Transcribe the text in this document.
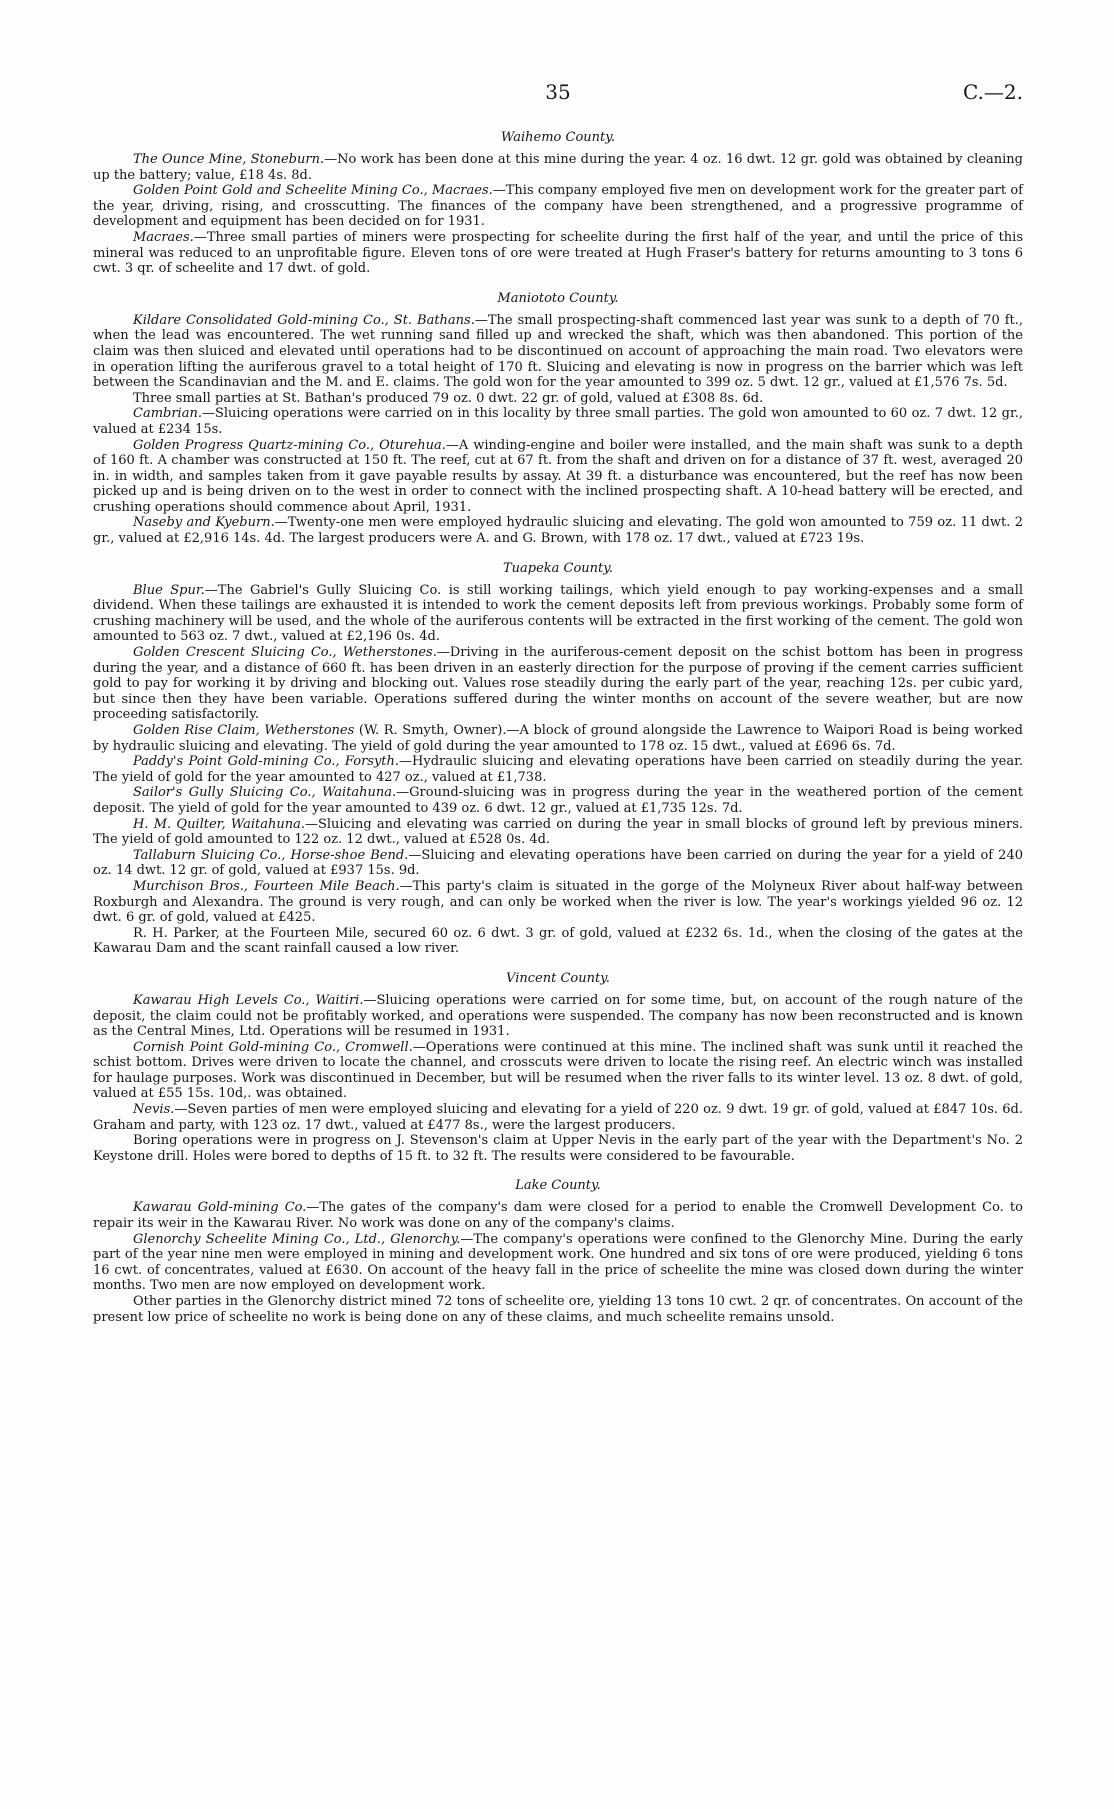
35	C.—2.
Waihemo County.

The Ounce Mine, Stoneburn.—No work has been done at this mine during the year. 4 oz. 16 dwt. 12 gr. gold was obtained by cleaning up the battery; value, £18 4s. 8d.

Golden Point Gold and Scheelite Mining Co., Macraes.—This company employed five men on development work for the greater part of the year, driving, rising, and crosscutting. The finances of the company have been strengthened, and a progressive programme of development and equipment has been decided on for 1931.

Macraes.—Three small parties of miners were prospecting for scheelite during the first half of the year, and until the price of this mineral was reduced to an unprofitable figure. Eleven tons of ore were treated at Hugh Fraser's battery for returns amounting to 3 tons 6 cwt. 3 qr. of scheelite and 17 dwt. of gold.

Maniototo County.

Kildare Consolidated Gold-mining Co., St. Bathans.—The small prospecting-shaft commenced last year was sunk to a depth of 70 ft., when the lead was encountered. The wet running sand filled up and wrecked the shaft, which was then abandoned. This portion of the claim was then sluiced and elevated until operations had to be discontinued on account of approaching the main road. Two elevators were in operation lifting the auriferous gravel to a total height of 170 ft. Sluicing and elevating is now in progress on the barrier which was left between the Scandinavian and the M. and E. claims. The gold won for the year amounted to 399 oz. 5 dwt. 12 gr., valued at £1,576 7s. 5d.

Three small parties at St. Bathan's produced 79 oz. 0 dwt. 22 gr. of gold, valued at £308 8s. 6d.

Cambrian.—Sluicing operations were carried on in this locality by three small parties. The gold won amounted to 60 oz. 7 dwt. 12 gr., valued at £234 15s.

Golden Progress Quartz-mining Co., Oturehua.—A winding-engine and boiler were installed, and the main shaft was sunk to a depth of 160 ft. A chamber was constructed at 150 ft. The reef, cut at 67 ft. from the shaft and driven on for a distance of 37 ft. west, averaged 20 in. in width, and samples taken from it gave payable results by assay. At 39 ft. a disturbance was encountered, but the reef has now been picked up and is being driven on to the west in order to connect with the inclined prospecting shaft. A 10-head battery will be erected, and crushing operations should commence about April, 1931.

Naseby and Kyeburn.—Twenty-one men were employed hydraulic sluicing and elevating. The gold won amounted to 759 oz. 11 dwt. 2 gr., valued at £2,916 14s. 4d. The largest producers were A. and G. Brown, with 178 oz. 17 dwt., valued at £723 19s.

Tuapeka County.

Blue Spur.—The Gabriel's Gully Sluicing Co. is still working tailings, which yield enough to pay working-expenses and a small dividend. When these tailings are exhausted it is intended to work the cement deposits left from previous workings. Probably some form of crushing machinery will be used, and the whole of the auriferous contents will be extracted in the first working of the cement. The gold won amounted to 563 oz. 7 dwt., valued at £2,196 0s. 4d.

Golden Crescent Sluicing Co., Wetherstones.—Driving in the auriferous-cement deposit on the schist bottom has been in progress during the year, and a distance of 660 ft. has been driven in an easterly direction for the purpose of proving if the cement carries sufficient gold to pay for working it by driving and blocking out. Values rose steadily during the early part of the year, reaching 12s. per cubic yard, but since then they have been variable. Operations suffered during the winter months on account of the severe weather, but are now proceeding satisfactorily.

Golden Rise Claim, Wetherstones (W. R. Smyth, Owner).—A block of ground alongside the Lawrence to Waipori Road is being worked by hydraulic sluicing and elevating. The yield of gold during the year amounted to 178 oz. 15 dwt., valued at £696 6s. 7d.

Paddy's Point Gold-mining Co., Forsyth.—Hydraulic sluicing and elevating operations have been carried on steadily during the year. The yield of gold for the year amounted to 427 oz., valued at £1,738.

Sailor's Gully Sluicing Co., Waitahuna.—Ground-sluicing was in progress during the year in the weathered portion of the cement deposit. The yield of gold for the year amounted to 439 oz. 6 dwt. 12 gr., valued at £1,735 12s. 7d.

H. M. Quilter, Waitahuna.—Sluicing and elevating was carried on during the year in small blocks of ground left by previous miners. The yield of gold amounted to 122 oz. 12 dwt., valued at £528 0s. 4d.

Tallaburn Sluicing Co., Horse-shoe Bend.—Sluicing and elevating operations have been carried on during the year for a yield of 240 oz. 14 dwt. 12 gr. of gold, valued at £937 15s. 9d.

Murchison Bros., Fourteen Mile Beach.—This party's claim is situated in the gorge of the Molyneux River about half-way between Roxburgh and Alexandra. The ground is very rough, and can only be worked when the river is low. The year's workings yielded 96 oz. 12 dwt. 6 gr. of gold, valued at £425.

R. H. Parker, at the Fourteen Mile, secured 60 oz. 6 dwt. 3 gr. of gold, valued at £232 6s. 1d., when the closing of the gates at the Kawarau Dam and the scant rainfall caused a low river.

Vincent County.

Kawarau High Levels Co., Waitiri.—Sluicing operations were carried on for some time, but, on account of the rough nature of the deposit, the claim could not be profitably worked, and operations were suspended. The company has now been reconstructed and is known as the Central Mines, Ltd. Operations will be resumed in 1931.

Cornish Point Gold-mining Co., Cromwell.—Operations were continued at this mine. The inclined shaft was sunk until it reached the schist bottom. Drives were driven to locate the channel, and crosscuts were driven to locate the rising reef. An electric winch was installed for haulage purposes. Work was discontinued in December, but will be resumed when the river falls to its winter level. 13 oz. 8 dwt. of gold, valued at £55 15s. 10d,. was obtained.

Nevis.—Seven parties of men were employed sluicing and elevating for a yield of 220 oz. 9 dwt. 19 gr. of gold, valued at £847 10s. 6d. Graham and party, with 123 oz. 17 dwt., valued at £477 8s., were the largest producers.

Boring operations were in progress on J. Stevenson's claim at Upper Nevis in the early part of the year with the Department's No. 2 Keystone drill. Holes were bored to depths of 15 ft. to 32 ft. The results were considered to be favourable.

Lake County.

Kawarau Gold-mining Co.—The gates of the company's dam were closed for a period to enable the Cromwell Development Co. to repair its weir in the Kawarau River. No work was done on any of the company's claims.

Glenorchy Scheelite Mining Co., Ltd., Glenorchy.—The company's operations were confined to the Glenorchy Mine. During the early part of the year nine men were employed in mining and development work. One hundred and six tons of ore were produced, yielding 6 tons 16 cwt. of concentrates, valued at £630. On account of the heavy fall in the price of scheelite the mine was closed down during the winter months. Two men are now employed on development work.

Other parties in the Glenorchy district mined 72 tons of scheelite ore, yielding 13 tons 10 cwt. 2 qr. of concentrates. On account of the present low price of scheelite no work is being done on any of these claims, and much scheelite remains unsold.
